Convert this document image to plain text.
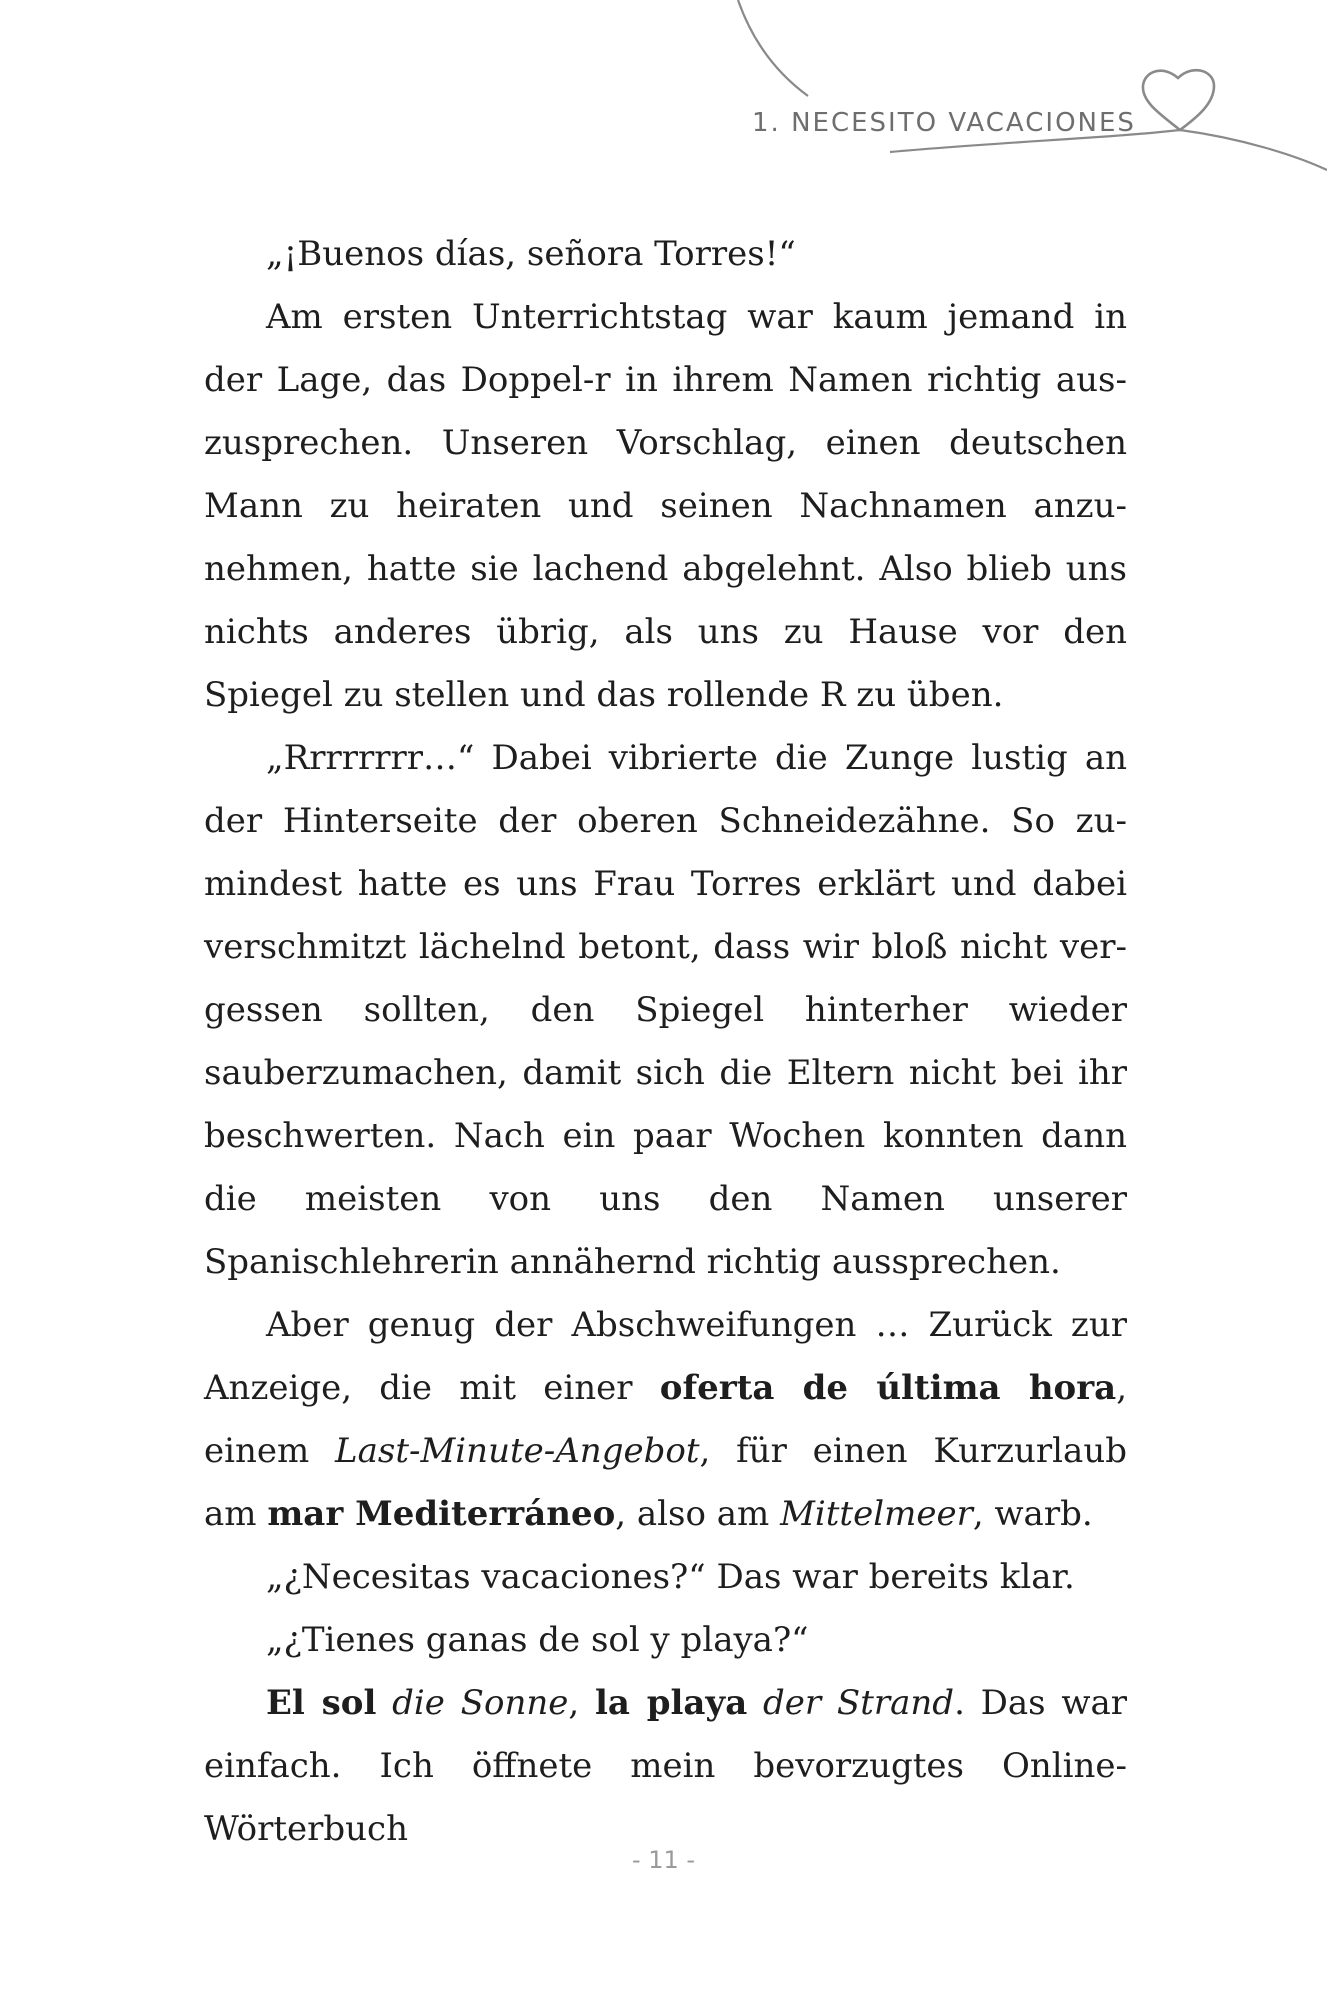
1. NECESITO VACACIONES

„¡Buenos días, señora Torres!“

Am ersten Unterrichtstag war kaum jemand in der Lage, das Doppel-r in ihrem Namen richtig auszusprechen. Unseren Vorschlag, einen deutschen Mann zu heiraten und seinen Nachnamen anzunehmen, hatte sie lachend abgelehnt. Also blieb uns nichts anderes übrig, als uns zu Hause vor den Spiegel zu stellen und das rollende R zu üben.

„Rrrrrrrr…“ Dabei vibrierte die Zunge lustig an der Hinterseite der oberen Schneidezähne. So zumindest hatte es uns Frau Torres erklärt und dabei verschmitzt lächelnd betont, dass wir bloß nicht vergessen sollten, den Spiegel hinterher wieder sauberzumachen, damit sich die Eltern nicht bei ihr beschwerten. Nach ein paar Wochen konnten dann die meisten von uns den Namen unserer Spanischlehrerin annähernd richtig aussprechen.

Aber genug der Abschweifungen … Zurück zur Anzeige, die mit einer oferta de última hora, einem Last-Minute-Angebot, für einen Kurzurlaub am mar Mediterráneo, also am Mittelmeer, warb.

„¿Necesitas vacaciones?“ Das war bereits klar.

„¿Tienes ganas de sol y playa?“

El sol die Sonne, la playa der Strand. Das war einfach. Ich öffnete mein bevorzugtes Online-Wörterbuch

- 11 -
